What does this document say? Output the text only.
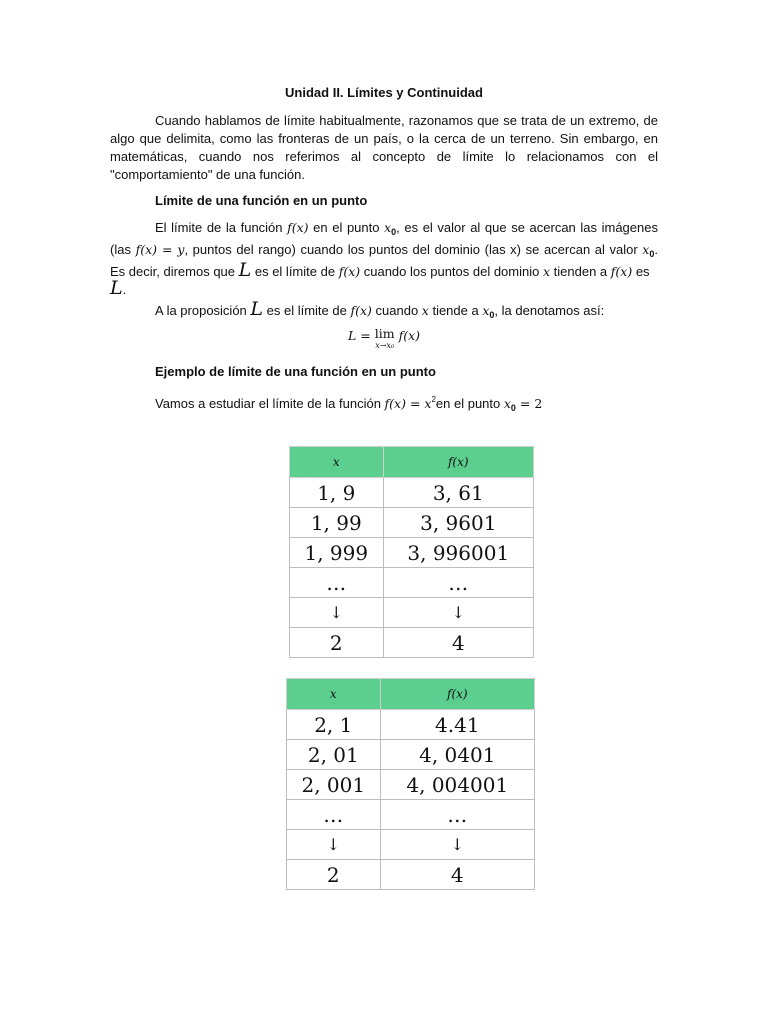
Unidad II. Límites y Continuidad
Cuando hablamos de límite habitualmente, razonamos que se trata de un extremo, de algo que delimita, como las fronteras de un país, o la cerca de un terreno. Sin embargo, en matemáticas, cuando nos referimos al concepto de límite lo relacionamos con el "comportamiento" de una función.
Límite de una función en un punto
El límite de la función f(x) en el punto $x_0$, es el valor al que se acercan las imágenes (las f(x) = y, puntos del rango) cuando los puntos del dominio (las x) se acercan al valor $x_0$. Es decir, diremos que L es el límite de f(x) cuando los puntos del dominio x tienden a f(x) es
L.
A la proposición L es el límite de f(x) cuando x tiende a $x_0$, la denotamos así:
L = lim
x→x₀
f(x)
Ejemplo de límite de una función en un punto
Vamos a estudiar el límite de la función $f(x) = x^2en$ el punto $x_0 = 2$
x	f(x)
1, 9	3, 61
1, 99	3, 9601
1, 999	3, 996001
…	…
↓	↓
2	4
x	f(x)
2, 1	4.41
2, 01	4, 0401
2, 001	4, 004001
…	…
↓	↓
2	4
